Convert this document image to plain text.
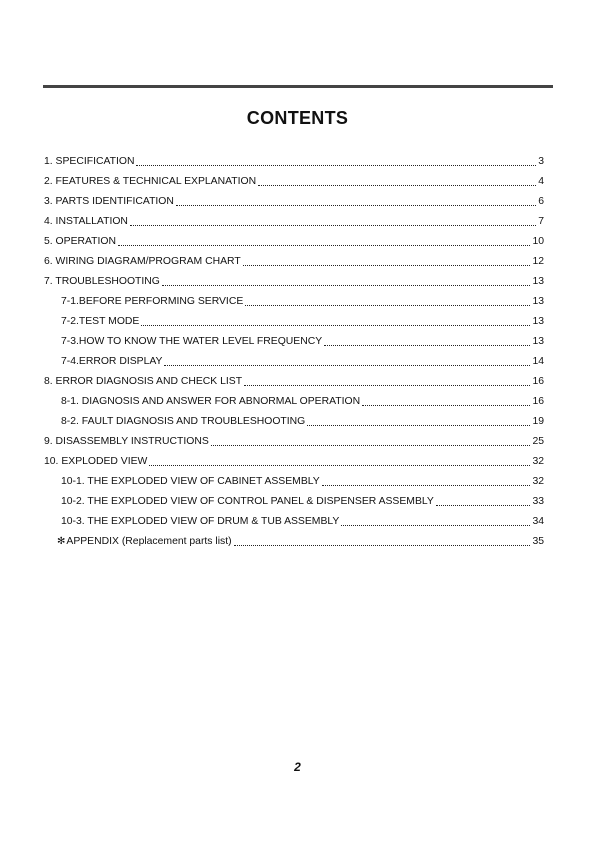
CONTENTS
1. SPECIFICATION	3
2. FEATURES & TECHNICAL EXPLANATION	4
3. PARTS IDENTIFICATION	6
4. INSTALLATION	7
5. OPERATION	10
6. WIRING DIAGRAM/PROGRAM CHART	12
7. TROUBLESHOOTING	13
7-1.BEFORE PERFORMING SERVICE	13
7-2.TEST MODE	13
7-3.HOW TO KNOW THE WATER LEVEL FREQUENCY	13
7-4.ERROR DISPLAY	14
8. ERROR DIAGNOSIS AND CHECK LIST	16
8-1. DIAGNOSIS AND ANSWER FOR ABNORMAL OPERATION	16
8-2. FAULT DIAGNOSIS AND TROUBLESHOOTING	19
9. DISASSEMBLY INSTRUCTIONS	25
10. EXPLODED VIEW	32
10-1. THE EXPLODED VIEW OF CABINET ASSEMBLY	32
10-2. THE EXPLODED VIEW OF CONTROL PANEL & DISPENSER ASSEMBLY	33
10-3. THE EXPLODED VIEW OF DRUM & TUB ASSEMBLY	34
✻ APPENDIX (Replacement parts list)	35
2
